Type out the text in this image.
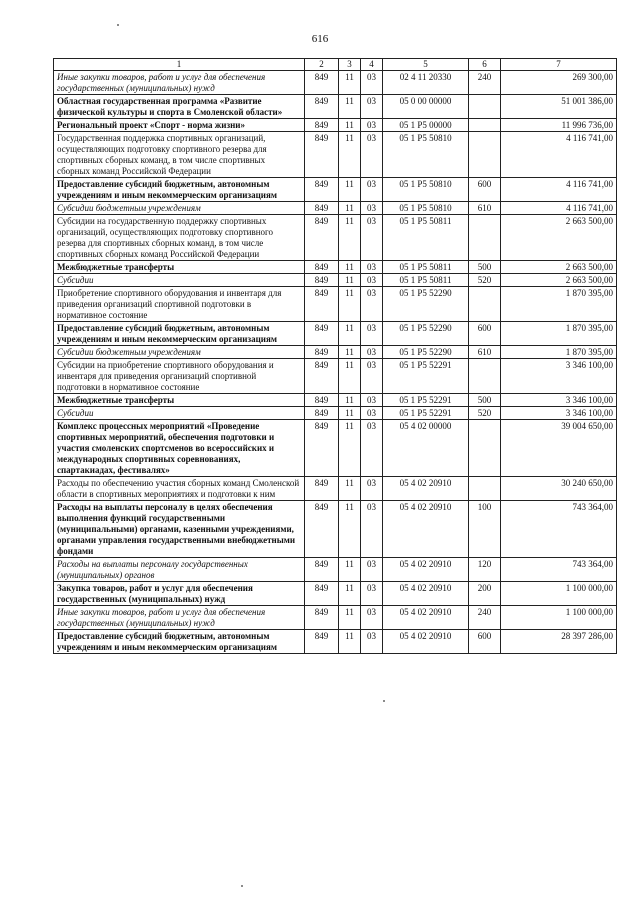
616
1	2	3	4	5	6	7
Иные закупки товаров, работ и услуг для обеспечения государственных (муниципальных) нужд	849	11	03	02 4 11 20330	240	269 300,00
Областная государственная программа «Развитие физической культуры и спорта в Смоленской области»	849	11	03	05 0 00 00000		51 001 386,00
Региональный проект «Спорт - норма жизни»	849	11	03	05 1 P5 00000		11 996 736,00
Государственная поддержка спортивных организаций, осуществляющих подготовку спортивного резерва для спортивных сборных команд, в том числе спортивных сборных команд Российской Федерации	849	11	03	05 1 P5 50810		4 116 741,00
Предоставление субсидий бюджетным, автономным учреждениям и иным некоммерческим организациям	849	11	03	05 1 P5 50810	600	4 116 741,00
Субсидии бюджетным учреждениям	849	11	03	05 1 P5 50810	610	4 116 741,00
Субсидии на государственную поддержку спортивных организаций, осуществляющих подготовку спортивного резерва для спортивных сборных команд, в том числе спортивных сборных команд Российской Федерации	849	11	03	05 1 P5 50811		2 663 500,00
Межбюджетные трансферты	849	11	03	05 1 P5 50811	500	2 663 500,00
Субсидии	849	11	03	05 1 P5 50811	520	2 663 500,00
Приобретение спортивного оборудования и инвентаря для приведения организаций спортивной подготовки в нормативное состояние	849	11	03	05 1 P5 52290		1 870 395,00
Предоставление субсидий бюджетным, автономным учреждениям и иным некоммерческим организациям	849	11	03	05 1 P5 52290	600	1 870 395,00
Субсидии бюджетным учреждениям	849	11	03	05 1 P5 52290	610	1 870 395,00
Субсидии на приобретение спортивного оборудования и инвентаря для приведения организаций спортивной подготовки в нормативное состояние	849	11	03	05 1 P5 52291		3 346 100,00
Межбюджетные трансферты	849	11	03	05 1 P5 52291	500	3 346 100,00
Субсидии	849	11	03	05 1 P5 52291	520	3 346 100,00
Комплекс процессных мероприятий «Проведение спортивных мероприятий, обеспечения подготовки и участия смоленских спортсменов во всероссийских и международных спортивных соревнованиях, спартакиадах, фестивалях»	849	11	03	05 4 02 00000		39 004 650,00
Расходы по обеспечению участия сборных команд Смоленской области в спортивных мероприятиях и подготовки к ним	849	11	03	05 4 02 20910		30 240 650,00
Расходы на выплаты персоналу в целях обеспечения выполнения функций государственными (муниципальными) органами, казенными учреждениями, органами управления государственными внебюджетными фондами	849	11	03	05 4 02 20910	100	743 364,00
Расходы на выплаты персоналу государственных (муниципальных) органов	849	11	03	05 4 02 20910	120	743 364,00
Закупка товаров, работ и услуг для обеспечения государственных (муниципальных) нужд	849	11	03	05 4 02 20910	200	1 100 000,00
Иные закупки товаров, работ и услуг для обеспечения государственных (муниципальных) нужд	849	11	03	05 4 02 20910	240	1 100 000,00
Предоставление субсидий бюджетным, автономным учреждениям и иным некоммерческим организациям	849	11	03	05 4 02 20910	600	28 397 286,00
